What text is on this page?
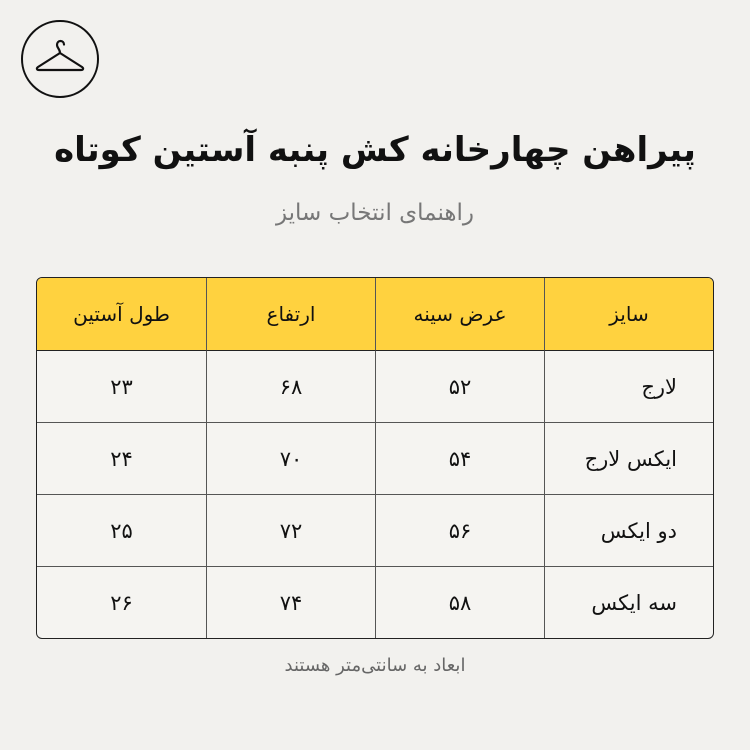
پیراهن چهارخانه کش پنبه آستین کوتاه
راهنمای انتخاب سایز
سایز	عرض سینه	ارتفاع	طول آستین
لارج	۵۲	۶۸	۲۳
ایکس لارج	۵۴	۷۰	۲۴
دو ایکس	۵۶	۷۲	۲۵
سه ایکس	۵۸	۷۴	۲۶
ابعاد به سانتی‌متر هستند
